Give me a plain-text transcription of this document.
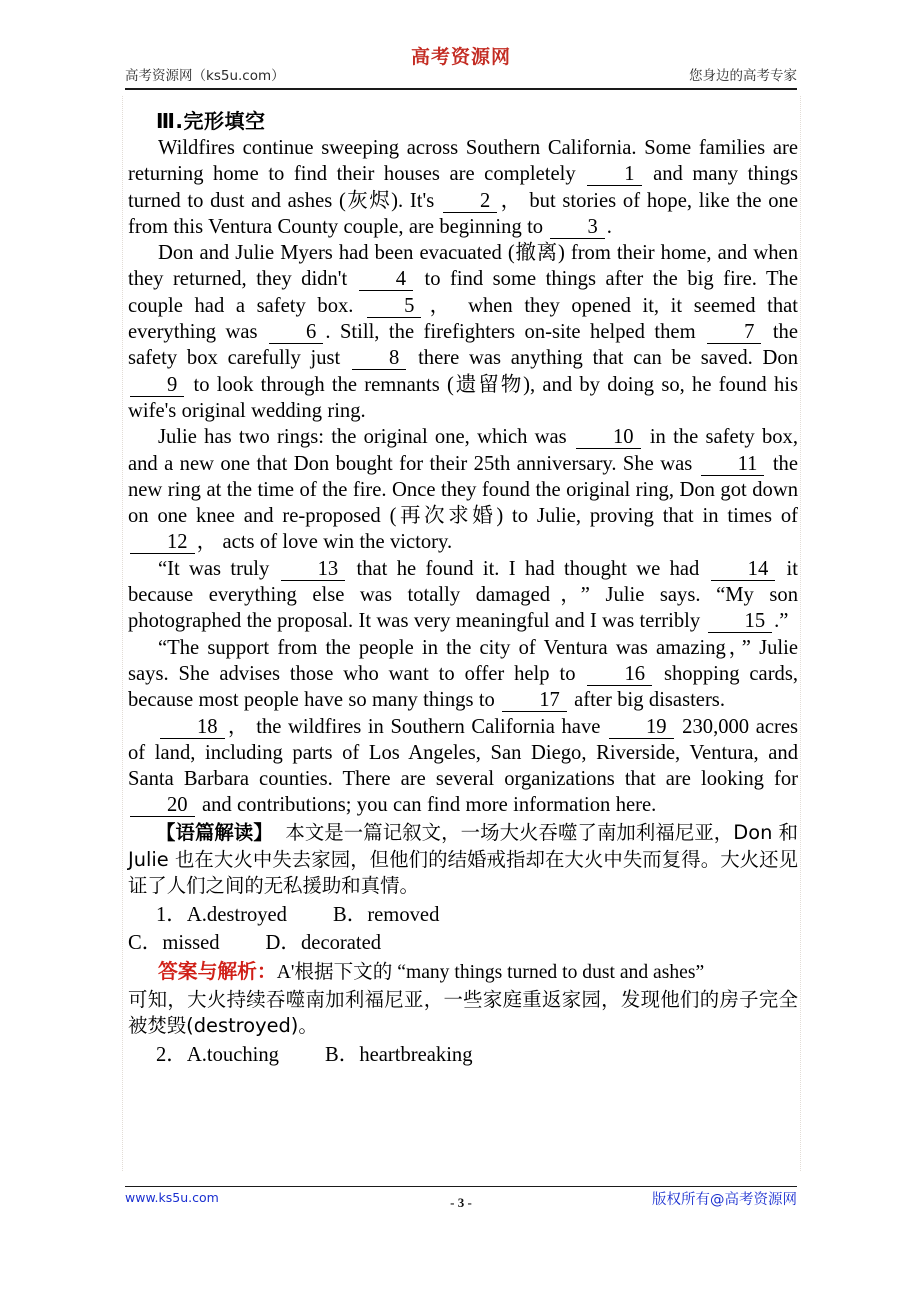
高考资源网
高考资源网（ks5u.com）	您身边的高考专家
Ⅲ.完形填空

Wildfires continue sweeping across Southern California. Some families are returning home to find their houses are completely 1 and many things turned to dust and ashes (灰烬). It's 2 ， but stories of hope, like the one from this Ventura County couple, are beginning to 3 .

Don and Julie Myers had been evacuated (撤离) from their home, and when they returned, they didn't 4 to find some things after the big fire. The couple had a safety box. 5 ， when they opened it, it seemed that everything was 6 . Still, the firefighters on-site helped them 7 the safety box carefully just 8 there was anything that can be saved. Don 9 to look through the remnants (遗留物), and by doing so, he found his wife's original wedding ring.

Julie has two rings: the original one, which was 10 in the safety box, and a new one that Don bought for their 25th anniversary. She was 11 the new ring at the time of the fire. Once they found the original ring, Don got down on one knee and re-proposed (再次求婚) to Julie, proving that in times of 12 ， acts of love win the victory.

“It was truly 13 that he found it. I had thought we had 14 it because everything else was totally damaged，” Julie says. “My son photographed the proposal. It was very meaningful and I was terribly 15 .”

“The support from the people in the city of Ventura was amazing，” Julie says. She advises those who want to offer help to 16 shopping cards, because most people have so many things to 17 after big disasters.

18 ， the wildfires in Southern California have 19 230,000 acres of land, including parts of Los Angeles, San Diego, Riverside, Ventura, and Santa Barbara counties. There are several organizations that are looking for 20 and contributions; you can find more information here.

【语篇解读】 本文是一篇记叙文，一场大火吞噬了南加利福尼亚，Don 和 Julie 也在大火中失去家园，但他们的结婚戒指却在大火中失而复得。大火还见证了人们之间的无私援助和真情。

1．A.destroyed B．removed

C．missed D．decorated

答案与解析：A'根据下文的 “many things turned to dust and ashes”

可知，大火持续吞噬南加利福尼亚，一些家庭重返家园，发现他们的房子完全被焚毁(destroyed)。

2．A.touching B．heartbreaking

www.ks5u.com	- 3 -	版权所有@高考资源网
